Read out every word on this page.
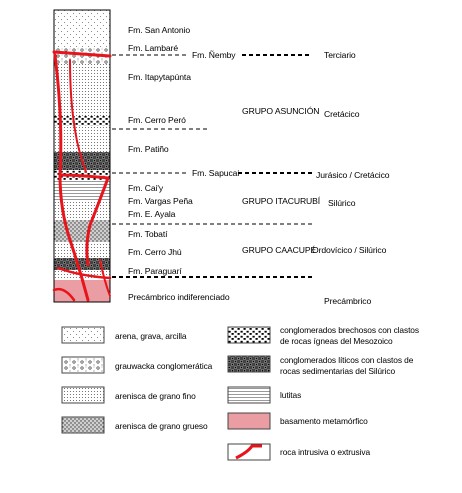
Fm. San Antonio
Fm. Lambaré
Fm. Ñemby
Fm. Itapytapúnta
Fm. Cerro Peró
Fm. Patiño
Fm. Sapucai
Fm. Cai'y
Fm. Vargas Peña
Fm. E. Ayala
Fm. Tobatí
Fm. Cerro Jhú
Fm. Paraguarí
Precámbrico indiferenciado
GRUPO ASUNCIÓN
GRUPO ITACURUBÍ
GRUPO CAACUPÉ
Terciario
Cretácico
Jurásico / Cretácico
Silúrico
Ordovícico / Silúrico
Precámbrico
arena, grava, arcilla
grauwacka conglomerática
arenisca de grano fino
arenisca de grano grueso
conglomerados brechosos con clastos
de rocas ígneas del Mesozoico
conglomerados líticos con clastos de
rocas sedimentarias del Silúrico
lutitas
basamento metamórfico
roca intrusiva o extrusiva
